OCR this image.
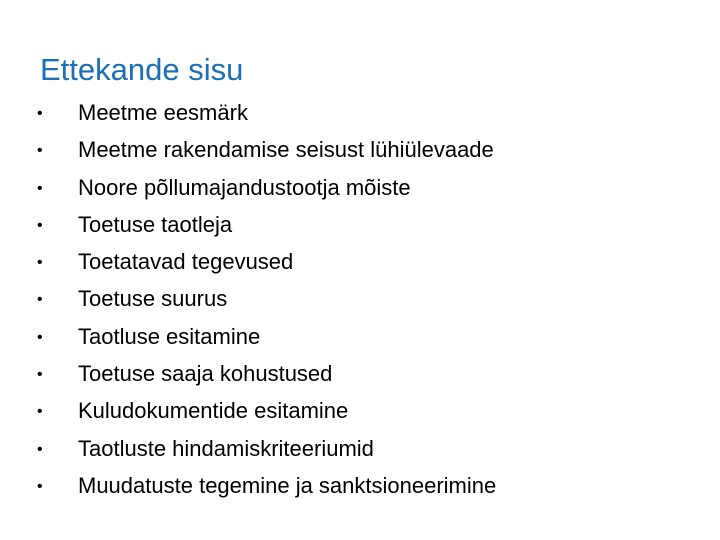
Ettekande sisu
• Meetme eesmärk
• Meetme rakendamise seisust lühiülevaade
• Noore põllumajandustootja mõiste
• Toetuse taotleja
• Toetatavad tegevused
• Toetuse suurus
• Taotluse esitamine
• Toetuse saaja kohustused
• Kuludokumentide esitamine
• Taotluste hindamiskriteeriumid
• Muudatuste tegemine ja sanktsioneerimine
